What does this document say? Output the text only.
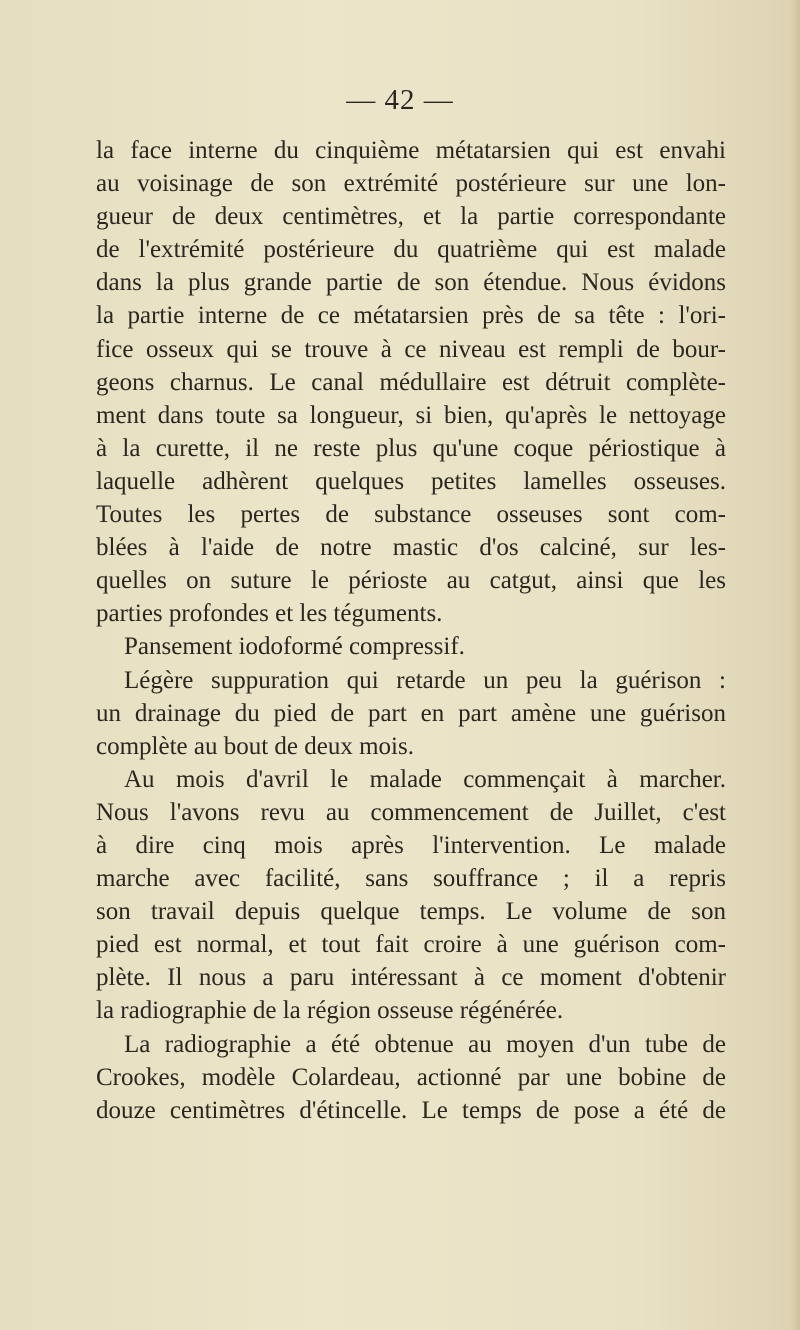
— 42 —
la face interne du cinquième métatarsien qui est envahi
au voisinage de son extrémité postérieure sur une lon-
gueur de deux centimètres, et la partie correspondante
de l'extrémité postérieure du quatrième qui est malade
dans la plus grande partie de son étendue. Nous évidons
la partie interne de ce métatarsien près de sa tête : l'ori-
fice osseux qui se trouve à ce niveau est rempli de bour-
geons charnus. Le canal médullaire est détruit complète-
ment dans toute sa longueur, si bien, qu'après le nettoyage
à la curette, il ne reste plus qu'une coque périostique à
laquelle adhèrent quelques petites lamelles osseuses.
Toutes les pertes de substance osseuses sont com-
blées à l'aide de notre mastic d'os calciné, sur les-
quelles on suture le périoste au catgut, ainsi que les
parties profondes et les téguments.
Pansement iodoformé compressif.
Légère suppuration qui retarde un peu la guérison :
un drainage du pied de part en part amène une guérison
complète au bout de deux mois.
Au mois d'avril le malade commençait à marcher.
Nous l'avons revu au commencement de Juillet, c'est
à dire cinq mois après l'intervention. Le malade
marche avec facilité, sans souffrance ; il a repris
son travail depuis quelque temps. Le volume de son
pied est normal, et tout fait croire à une guérison com-
plète. Il nous a paru intéressant à ce moment d'obtenir
la radiographie de la région osseuse régénérée.
La radiographie a été obtenue au moyen d'un tube de
Crookes, modèle Colardeau, actionné par une bobine de
douze centimètres d'étincelle. Le temps de pose a été de
